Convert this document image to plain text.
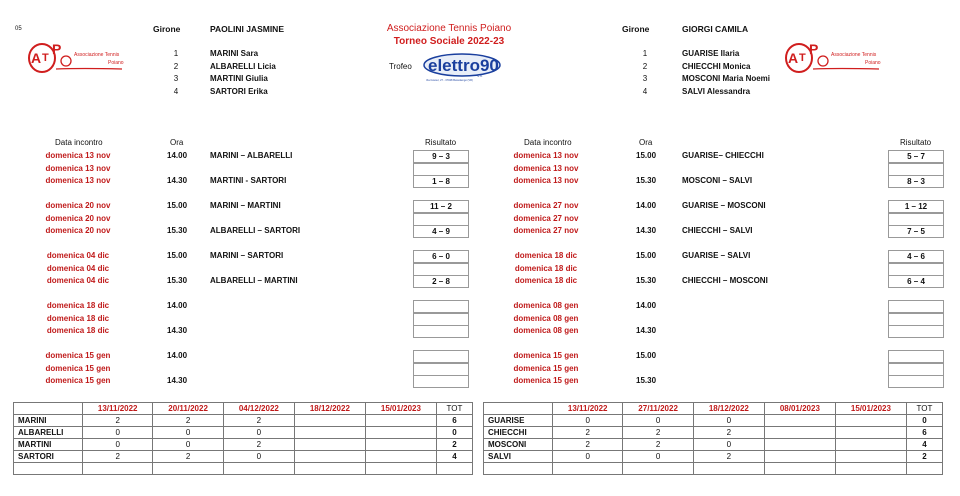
05
A T
P	Associazione Tennis
Poiano	A T
P	Associazione Tennis
Poiano
Associazione Tennis Poiano
Torneo Sociale 2022-23
Trofeo elettro90
S.r.l.
Via Cavour, 27 - 37028 Bussolengo (VR)
Girone	PAOLINI JASMINE
1	MARINI Sara
2	ALBARELLI Licia
3	MARTINI Giulia
4	SARTORI Erika
Girone	GIORGI CAMILA
1	GUARISE Ilaria
2	CHIECCHI Monica
3	MOSCONI Maria Noemi
4	SALVI Alessandra
Data incontro	Ora	Risultato	Data incontro	Ora	Risultato
domenica 13 nov	14.00	MARINI – ALBARELLI	9 – 3
domenica 13 nov
domenica 13 nov	14.30	MARTINI - SARTORI	1 – 8
domenica 20 nov	15.00	MARINI – MARTINI	11 – 2
domenica 20 nov
domenica 20 nov	15.30	ALBARELLI – SARTORI	4 – 9
domenica 04 dic	15.00	MARINI – SARTORI	6 – 0
domenica 04 dic
domenica 04 dic	15.30	ALBARELLI – MARTINI	2 – 8
domenica 18 dic	14.00
domenica 18 dic
domenica 18 dic	14.30
domenica 15 gen	14.00
domenica 15 gen
domenica 15 gen	14.30
domenica 13 nov	15.00	GUARISE– CHIECCHI	5 – 7
domenica 13 nov
domenica 13 nov	15.30	MOSCONI – SALVI	8 – 3
domenica 27 nov	14.00	GUARISE – MOSCONI	1 – 12
domenica 27 nov
domenica 27 nov	14.30	CHIECCHI – SALVI	7 – 5
domenica 18 dic	15.00	GUARISE – SALVI	4 – 6
domenica 18 dic
domenica 18 dic	15.30	CHIECCHI – MOSCONI	6 – 4
domenica 08 gen	14.00
domenica 08 gen
domenica 08 gen	14.30
domenica 15 gen	15.00
domenica 15 gen
domenica 15 gen	15.30
	13/11/2022	20/11/2022	04/12/2022	18/12/2022	15/01/2023	TOT
MARINI	2	2	2			6
ALBARELLI	0	0	0			0
MARTINI	0	0	2			2
SARTORI	2	2	0			4

	13/11/2022	27/11/2022	18/12/2022	08/01/2023	15/01/2023	TOT
GUARISE	0	0	0			0
CHIECCHI	2	2	2			6
MOSCONI	2	2	0			4
SALVI	0	0	2			2
